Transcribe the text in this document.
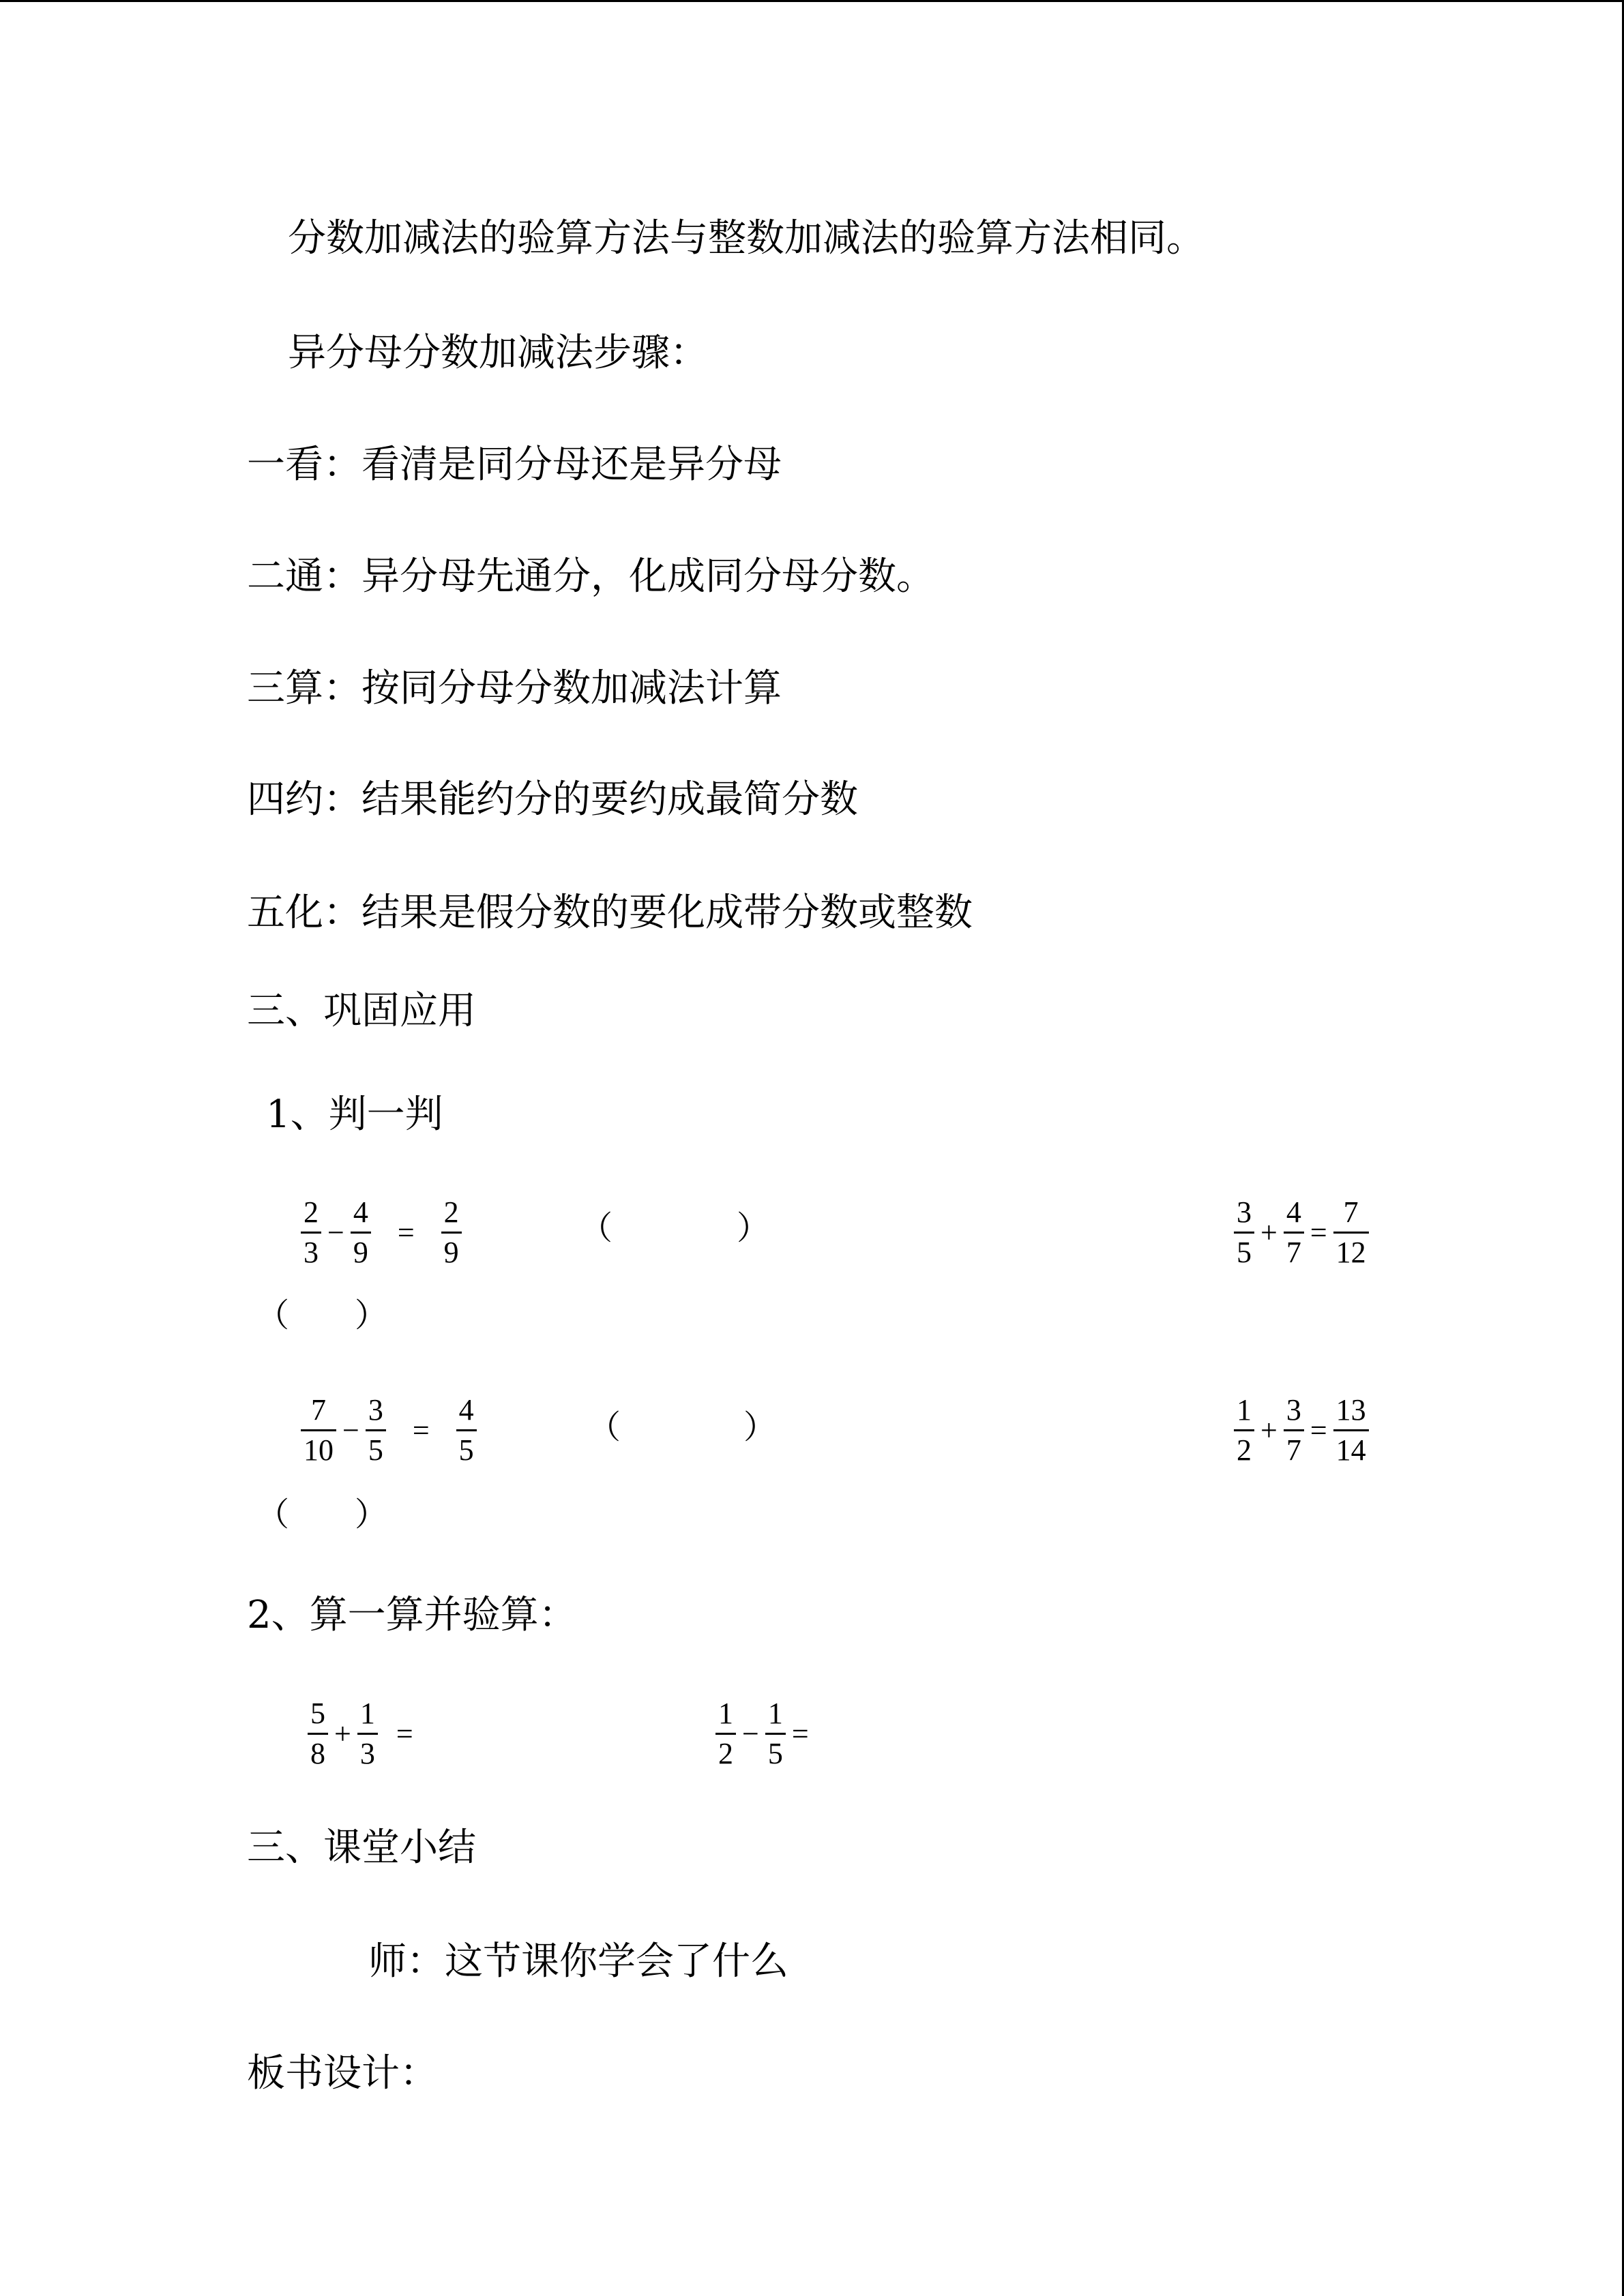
分数加减法的验算方法与整数加减法的验算方法相同。
异分母分数加减法步骤：
一看：看清是同分母还是异分母
二通：异分母先通分，化成同分母分数。
三算：按同分母分数加减法计算
四约：结果能约分的要约成最简分数
五化：结果是假分数的要化成带分数或整数
三、巩固应用
1、判一判
$\frac{2}{3} - \frac{4}{9} = \frac{2}{9}$	（	）	$\frac{3}{5} + \frac{4}{7} = \frac{7}{12}$
（ ）
$\frac{7}{10} - \frac{3}{5} = \frac{4}{5}$	（	）	$\frac{1}{2} + \frac{3}{7} = \frac{13}{14}$
（ ）
2、算一算并验算：
$\frac{5}{8} + \frac{1}{3}$ =	$\frac{1}{2} - \frac{1}{5}$ =
三、课堂小结
师：这节课你学会了什么
板书设计：
